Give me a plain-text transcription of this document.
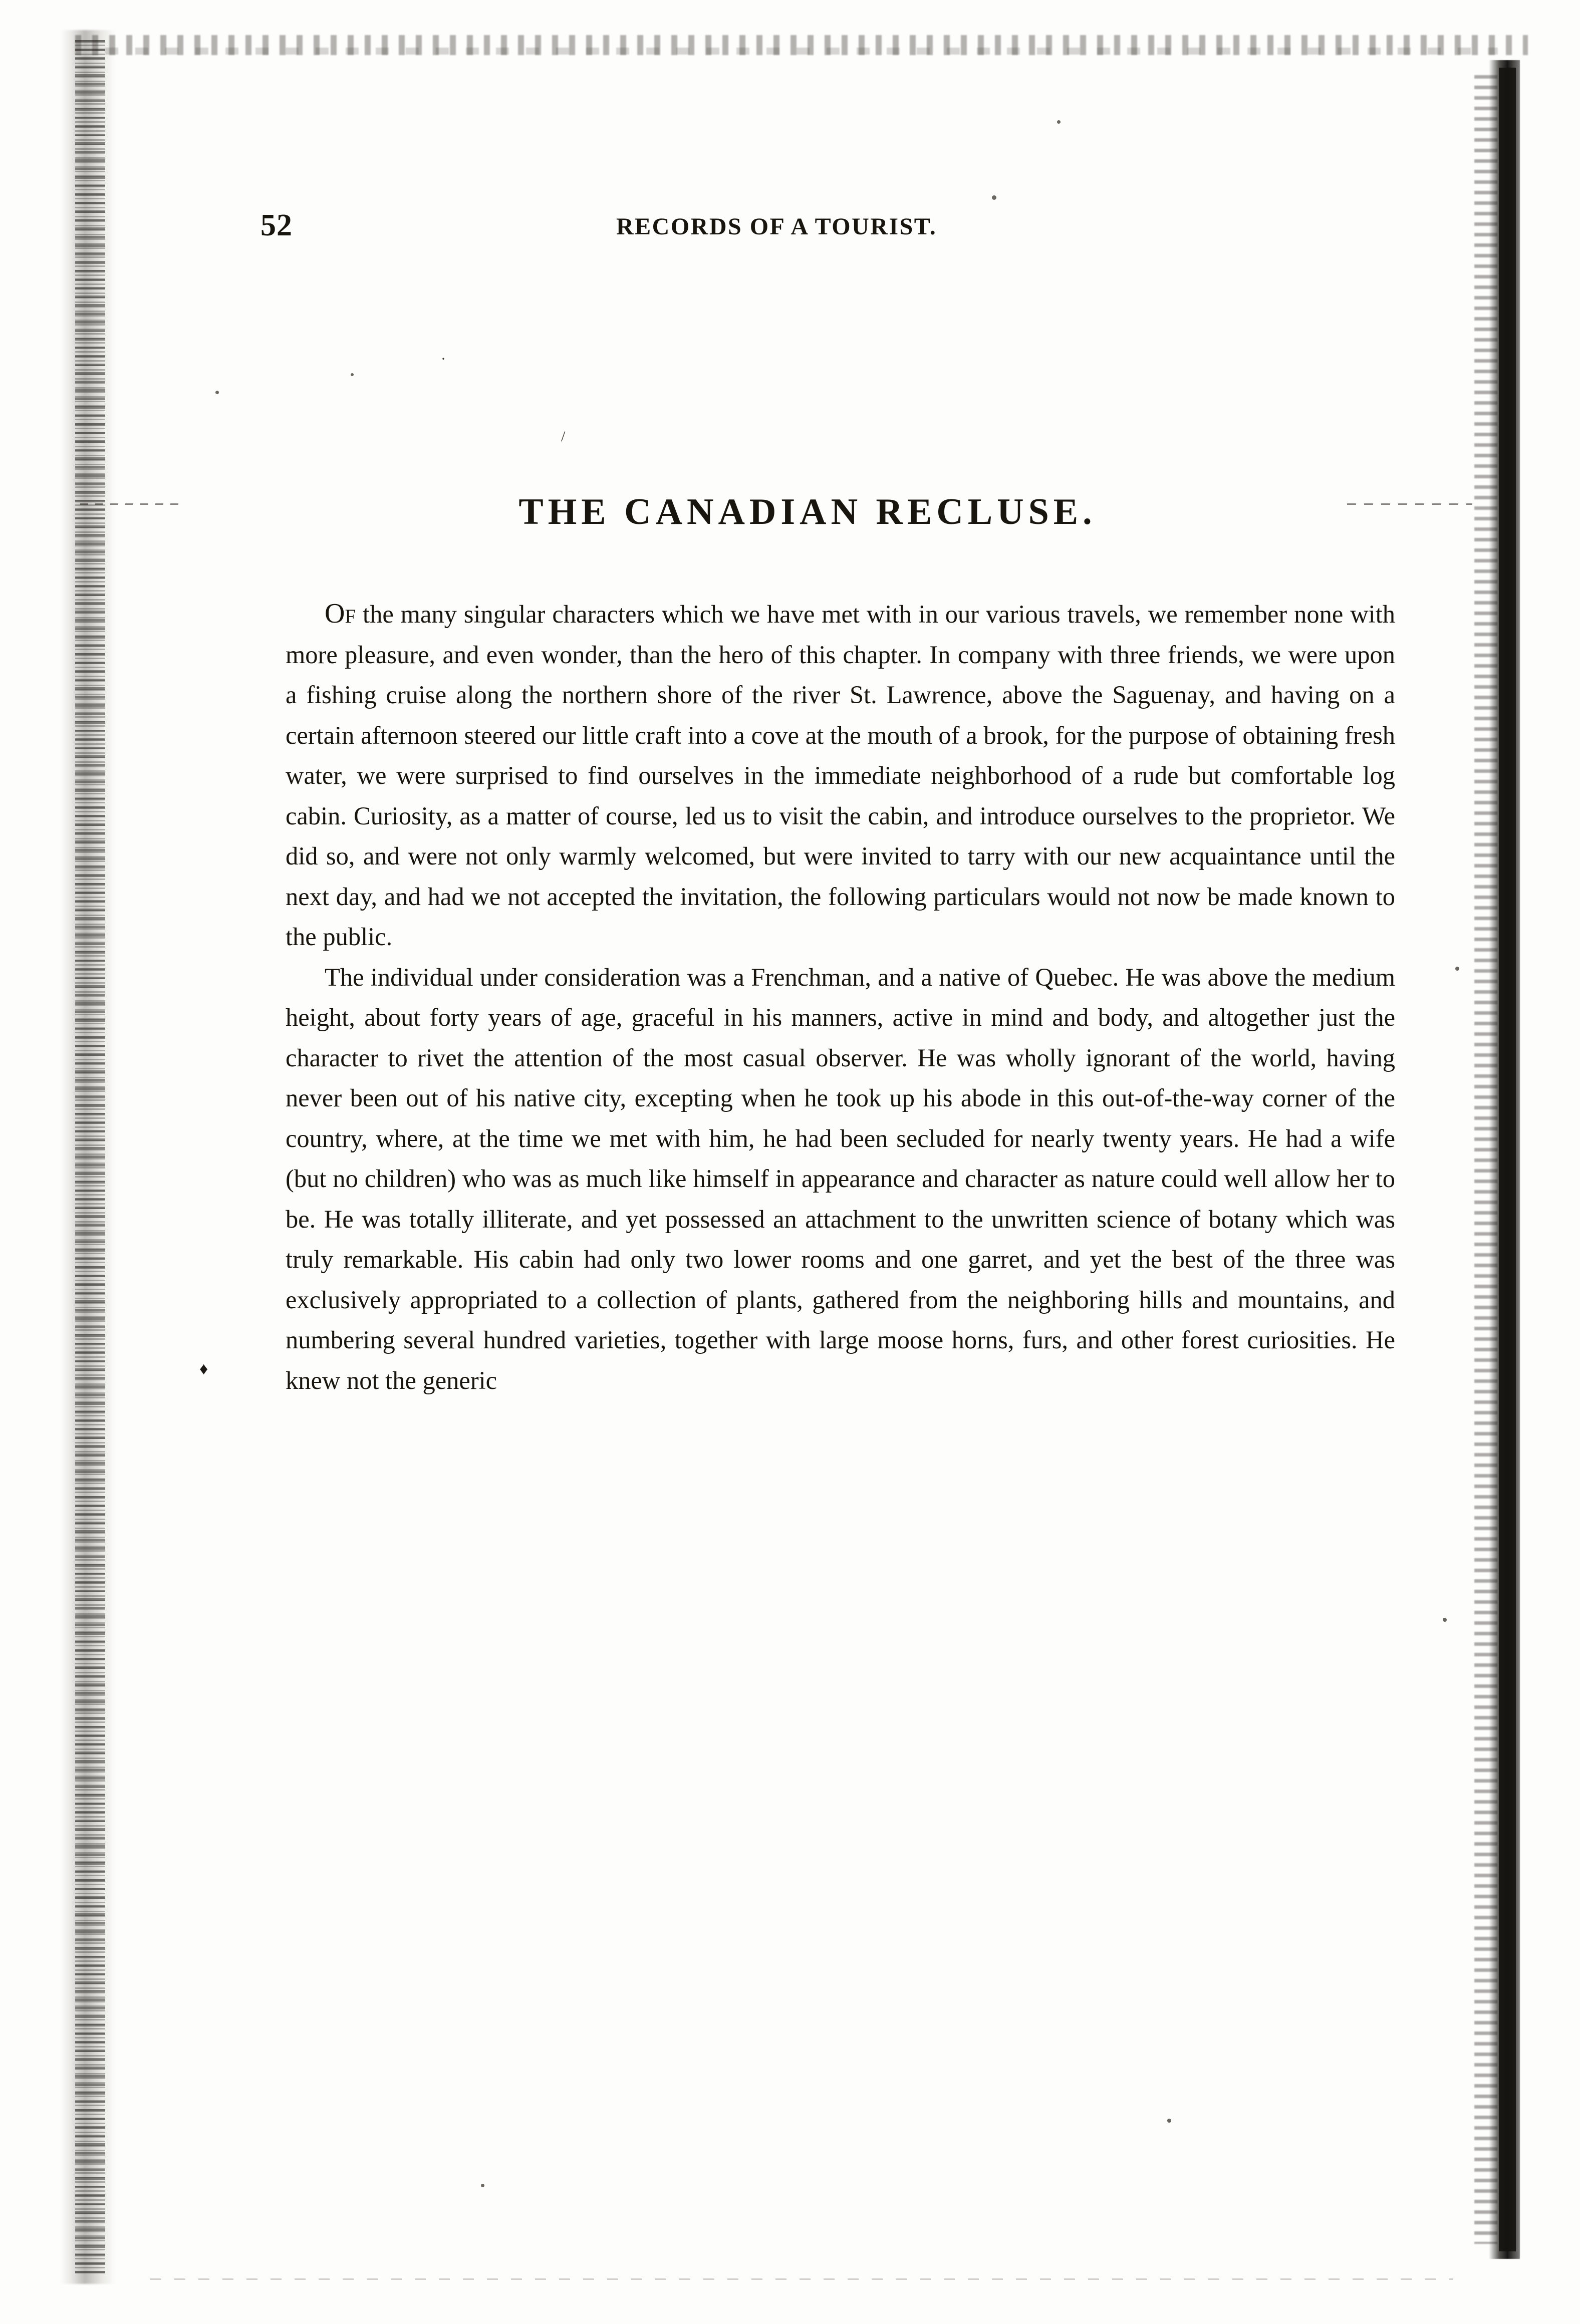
/
·
52	RECORDS OF A TOURIST.
THE CANADIAN RECLUSE.
♦

Of the many singular characters which we have met with in our various travels, we remember none with more pleasure, and even wonder, than the hero of this chapter. In company with three friends, we were upon a fishing cruise along the northern shore of the river St. Lawrence, above the Saguenay, and having on a certain afternoon steered our little craft into a cove at the mouth of a brook, for the purpose of obtaining fresh water, we were surprised to find ourselves in the immediate neighborhood of a rude but comfortable log cabin. Curiosity, as a matter of course, led us to visit the cabin, and introduce ourselves to the proprietor. We did so, and were not only warmly welcomed, but were invited to tarry with our new acquaintance until the next day, and had we not accepted the invitation, the following particulars would not now be made known to the public.

The individual under consideration was a Frenchman, and a native of Quebec. He was above the medium height, about forty years of age, graceful in his manners, active in mind and body, and altogether just the character to rivet the attention of the most casual observer. He was wholly ignorant of the world, having never been out of his native city, excepting when he took up his abode in this out-of-the-way corner of the country, where, at the time we met with him, he had been secluded for nearly twenty years. He had a wife (but no children) who was as much like himself in appearance and character as nature could well allow her to be. He was totally illiterate, and yet possessed an attachment to the unwritten science of botany which was truly remarkable. His cabin had only two lower rooms and one garret, and yet the best of the three was exclusively appropriated to a collection of plants, gathered from the neighboring hills and mountains, and numbering several hundred varieties, together with large moose horns, furs, and other forest curiosities. He knew not the generic
